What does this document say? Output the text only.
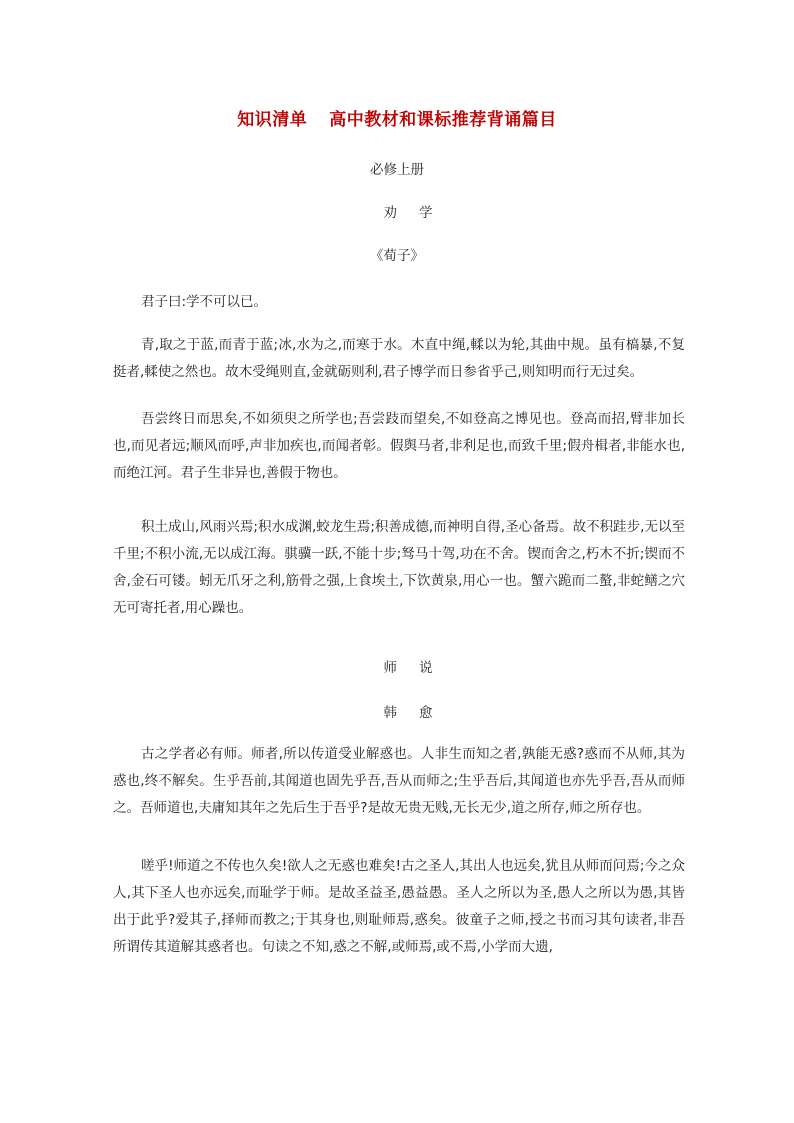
知识清单 高中教材和课标推荐背诵篇目
必修上册
劝学
《荀子》

君子曰:学不可以已。

青,取之于蓝,而青于蓝;冰,水为之,而寒于水。木直中绳,輮以为轮,其曲中规。虽有槁暴,不复挺者,輮使之然也。故木受绳则直,金就砺则利,君子博学而日参省乎己,则知明而行无过矣。

吾尝终日而思矣,不如须臾之所学也;吾尝跂而望矣,不如登高之博见也。登高而招,臂非加长也,而见者远;顺风而呼,声非加疾也,而闻者彰。假舆马者,非利足也,而致千里;假舟楫者,非能水也,而绝江河。君子生非异也,善假于物也。

积土成山,风雨兴焉;积水成渊,蛟龙生焉;积善成德,而神明自得,圣心备焉。故不积跬步,无以至千里;不积小流,无以成江海。骐骥一跃,不能十步;驽马十驾,功在不舍。锲而舍之,朽木不折;锲而不舍,金石可镂。蚓无爪牙之利,筋骨之强,上食埃土,下饮黄泉,用心一也。蟹六跪而二螯,非蛇鳝之穴无可寄托者,用心躁也。

师说
韩愈

古之学者必有师。师者,所以传道受业解惑也。人非生而知之者,孰能无惑?惑而不从师,其为惑也,终不解矣。生乎吾前,其闻道也固先乎吾,吾从而师之;生乎吾后,其闻道也亦先乎吾,吾从而师之。吾师道也,夫庸知其年之先后生于吾乎?是故无贵无贱,无长无少,道之所存,师之所存也。

嗟乎!师道之不传也久矣!欲人之无惑也难矣!古之圣人,其出人也远矣,犹且从师而问焉;今之众人,其下圣人也亦远矣,而耻学于师。是故圣益圣,愚益愚。圣人之所以为圣,愚人之所以为愚,其皆出于此乎?爱其子,择师而教之;于其身也,则耻师焉,惑矣。彼童子之师,授之书而习其句读者,非吾所谓传其道解其惑者也。句读之不知,惑之不解,或师焉,或不焉,小学而大遗,
